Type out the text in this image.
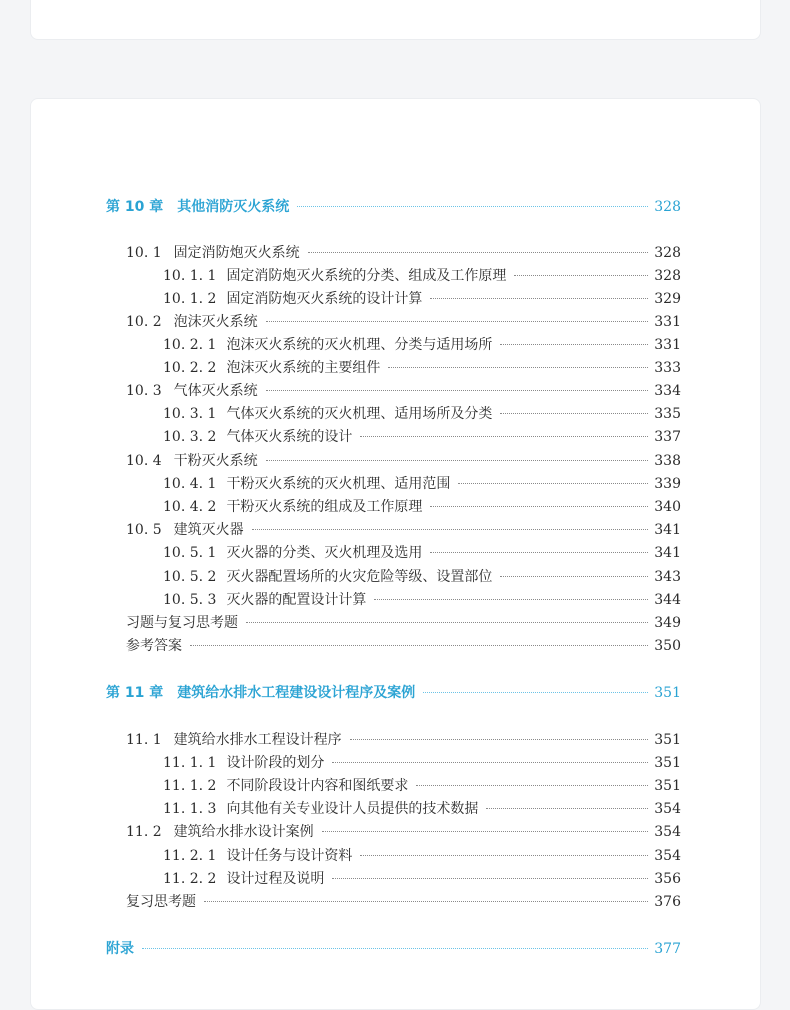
第 10 章　其他消防灭火系统	328
10. 1 固定消防炮灭火系统	328
10. 1. 1 固定消防炮灭火系统的分类、组成及工作原理	328
10. 1. 2 固定消防炮灭火系统的设计计算	329
10. 2 泡沫灭火系统	331
10. 2. 1 泡沫灭火系统的灭火机理、分类与适用场所	331
10. 2. 2 泡沫灭火系统的主要组件	333
10. 3 气体灭火系统	334
10. 3. 1 气体灭火系统的灭火机理、适用场所及分类	335
10. 3. 2 气体灭火系统的设计	337
10. 4 干粉灭火系统	338
10. 4. 1 干粉灭火系统的灭火机理、适用范围	339
10. 4. 2 干粉灭火系统的组成及工作原理	340
10. 5 建筑灭火器	341
10. 5. 1 灭火器的分类、灭火机理及选用	341
10. 5. 2 灭火器配置场所的火灾危险等级、设置部位	343
10. 5. 3 灭火器的配置设计计算	344
习题与复习思考题	349
参考答案	350
第 11 章　建筑给水排水工程建设设计程序及案例	351
11. 1 建筑给水排水工程设计程序	351
11. 1. 1 设计阶段的划分	351
11. 1. 2 不同阶段设计内容和图纸要求	351
11. 1. 3 向其他有关专业设计人员提供的技术数据	354
11. 2 建筑给水排水设计案例	354
11. 2. 1 设计任务与设计资料	354
11. 2. 2 设计过程及说明	356
复习思考题	376
附录	377
